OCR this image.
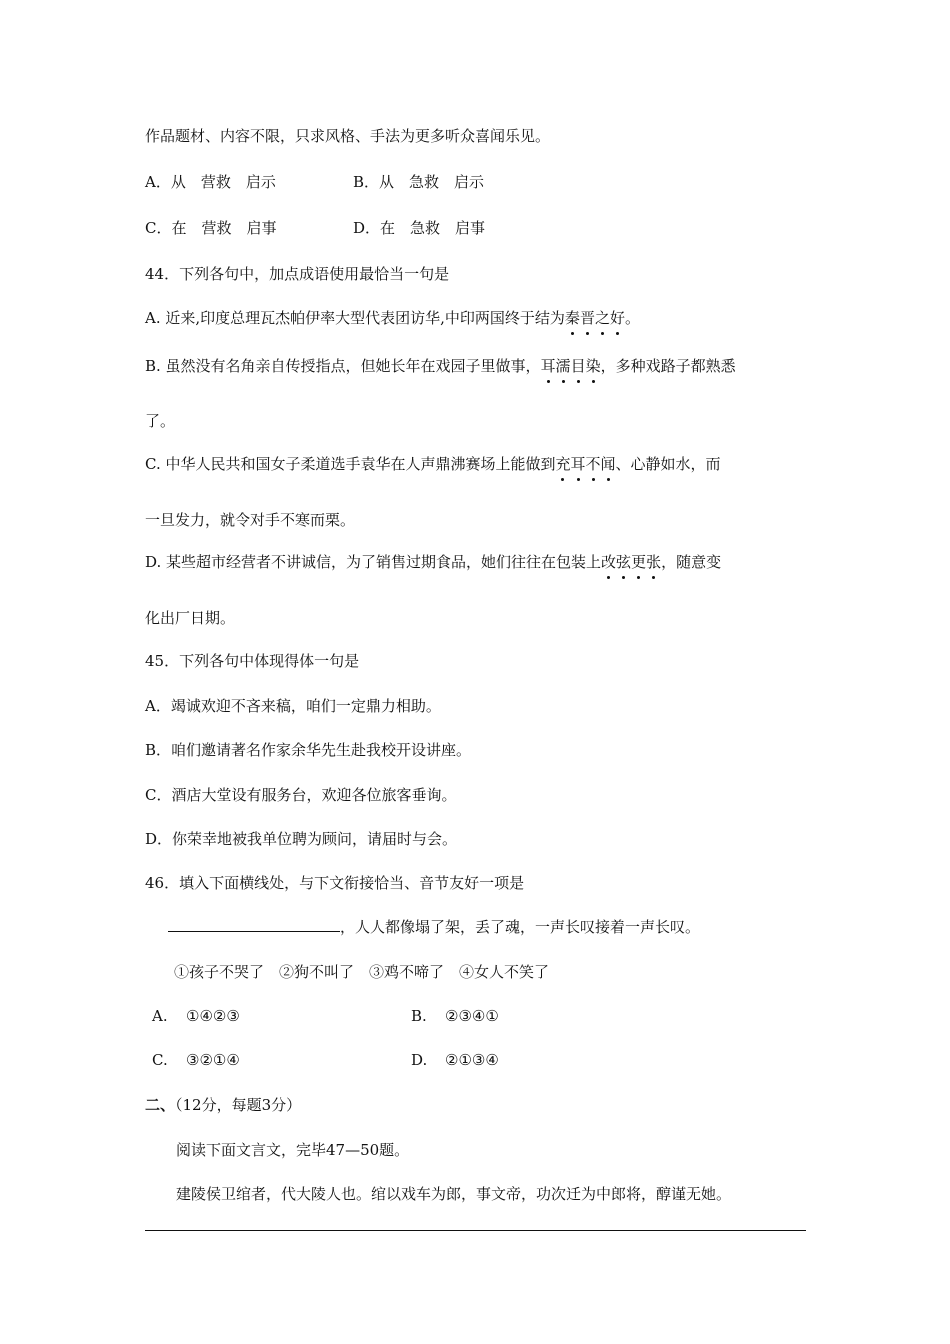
作品题材、内容不限，只求风格、手法为更多听众喜闻乐见。
A．从　营救　启示	B．从　急救　启示
C．在　营救　启事	D．在　急救　启事
44．下列各句中，加点成语使用最恰当一句是
A. 近来,印度总理瓦杰帕伊率大型代表团访华,中印两国终于结为秦晋之好。
B. 虽然没有名角亲自传授指点，但她长年在戏园子里做事，耳濡目染，多种戏路子都熟悉
了。
C. 中华人民共和国女子柔道选手袁华在人声鼎沸赛场上能做到充耳不闻、心静如水，而
一旦发力，就令对手不寒而栗。
D. 某些超市经营者不讲诚信，为了销售过期食品，她们往往在包装上改弦更张，随意变
化出厂日期。
45．下列各句中体现得体一句是
A．竭诚欢迎不吝来稿，咱们一定鼎力相助。
B．咱们邀请著名作家余华先生赴我校开设讲座。
C．酒店大堂设有服务台，欢迎各位旅客垂询。
D．你荣幸地被我单位聘为顾问，请届时与会。
46．填入下面横线处，与下文衔接恰当、音节友好一项是
，人人都像塌了架，丢了魂，一声长叹接着一声长叹。
①孩子不哭了　②狗不叫了　③鸡不啼了　④女人不笑了
A. ①④②③	B. ②③④①
C. ③②①④	D. ②①③④
二、（12分，每题3分）
阅读下面文言文，完毕47—50题。
建陵侯卫绾者，代大陵人也。绾以戏车为郎，事文帝，功次迁为中郎将，醇谨无她。
